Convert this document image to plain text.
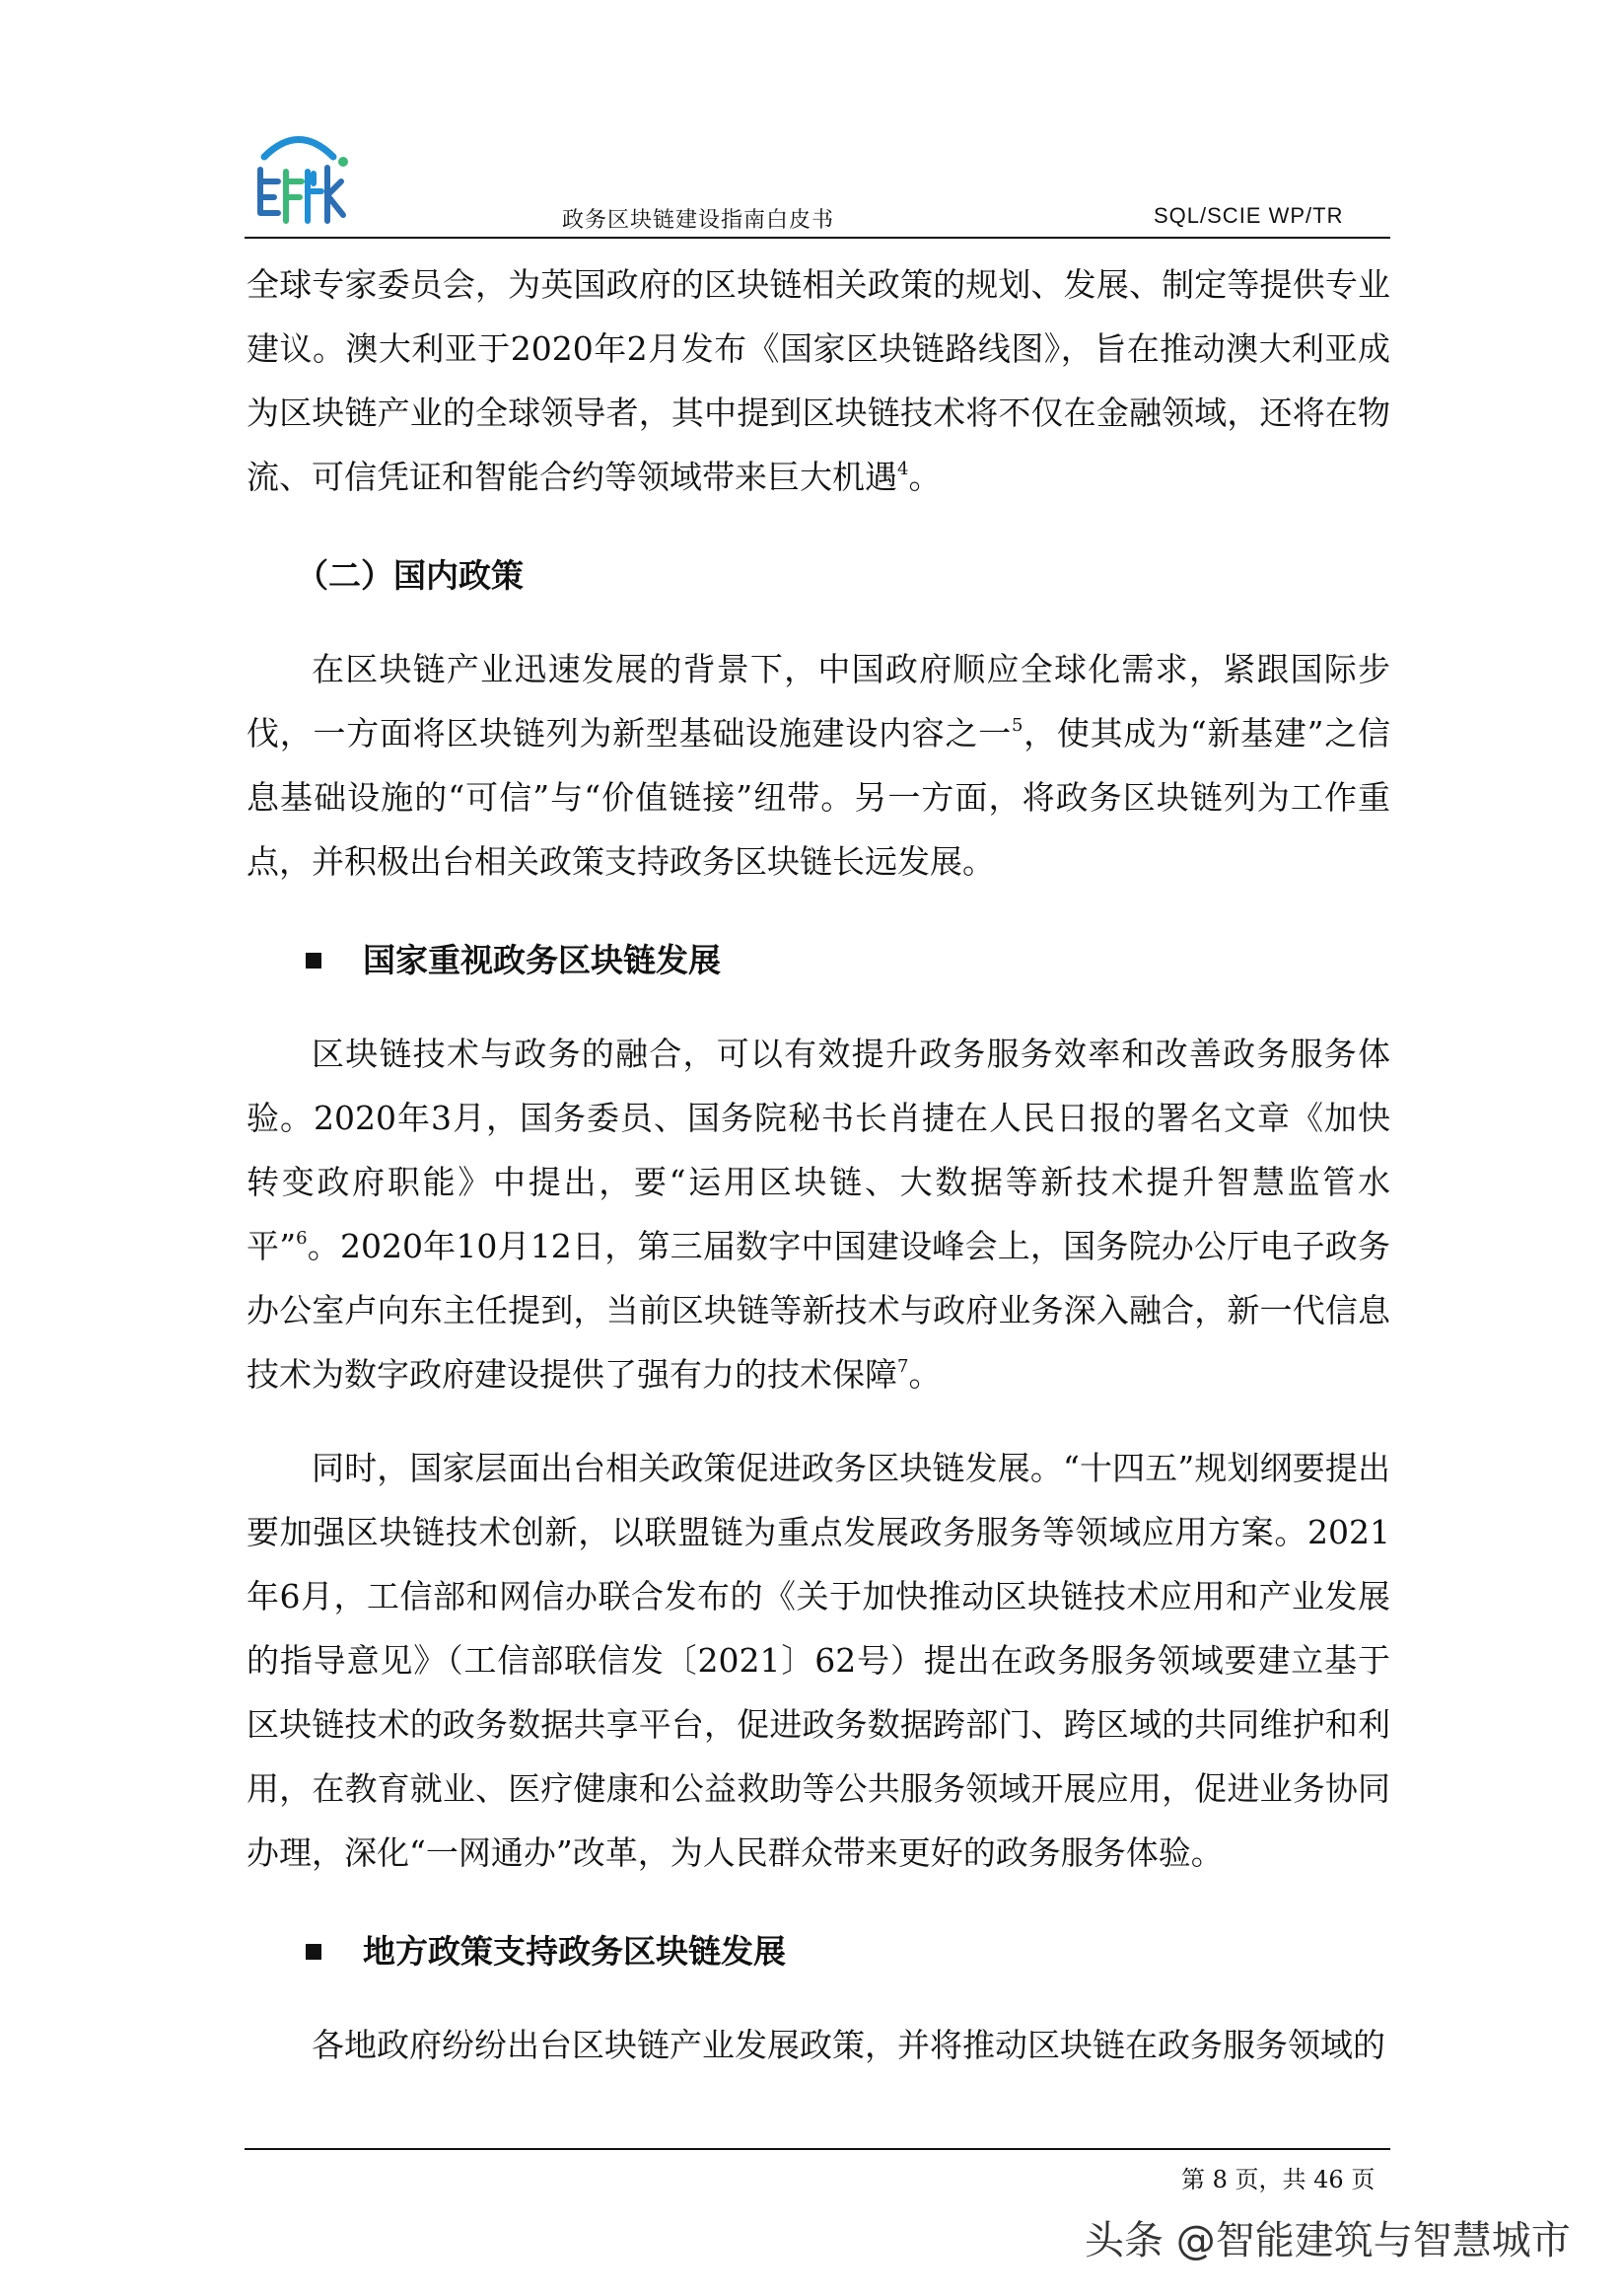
政务区块链建设指南白皮书	SQL/SCIE WP/TR

全球专家委员会，为英国政府的区块链相关政策的规划、发展、制定等提供专业建议。澳大利亚于2020年2月发布《国家区块链路线图》，旨在推动澳大利亚成为区块链产业的全球领导者，其中提到区块链技术将不仅在金融领域，还将在物流、可信凭证和智能合约等领域带来巨大机遇$^4$。

（二）国内政策

在区块链产业迅速发展的背景下，中国政府顺应全球化需求，紧跟国际步伐，一方面将区块链列为新型基础设施建设内容之一$^5$，使其成为“新基建”之信息基础设施的“可信”与“价值链接”纽带。另一方面，将政务区块链列为工作重点，并积极出台相关政策支持政务区块链长远发展。

国家重视政务区块链发展

区块链技术与政务的融合，可以有效提升政务服务效率和改善政务服务体验。2020年3月，国务委员、国务院秘书长肖捷在人民日报的署名文章《加快转变政府职能》中提出，要“运用区块链、大数据等新技术提升智慧监管水平”$^6$。2020年10月12日，第三届数字中国建设峰会上，国务院办公厅电子政务办公室卢向东主任提到，当前区块链等新技术与政府业务深入融合，新一代信息技术为数字政府建设提供了强有力的技术保障$^7$。

同时，国家层面出台相关政策促进政务区块链发展。“十四五”规划纲要提出要加强区块链技术创新，以联盟链为重点发展政务服务等领域应用方案。2021年6月，工信部和网信办联合发布的《关于加快推动区块链技术应用和产业发展的指导意见》（工信部联信发〔2021〕62号）提出在政务服务领域要建立基于区块链技术的政务数据共享平台，促进政务数据跨部门、跨区域的共同维护和利用，在教育就业、医疗健康和公益救助等公共服务领域开展应用，促进业务协同办理，深化“一网通办”改革，为人民群众带来更好的政务服务体验。

地方政策支持政务区块链发展

各地政府纷纷出台区块链产业发展政策，并将推动区块链在政务服务领域的

第 8 页，共 46 页
头条 @智能建筑与智慧城市
